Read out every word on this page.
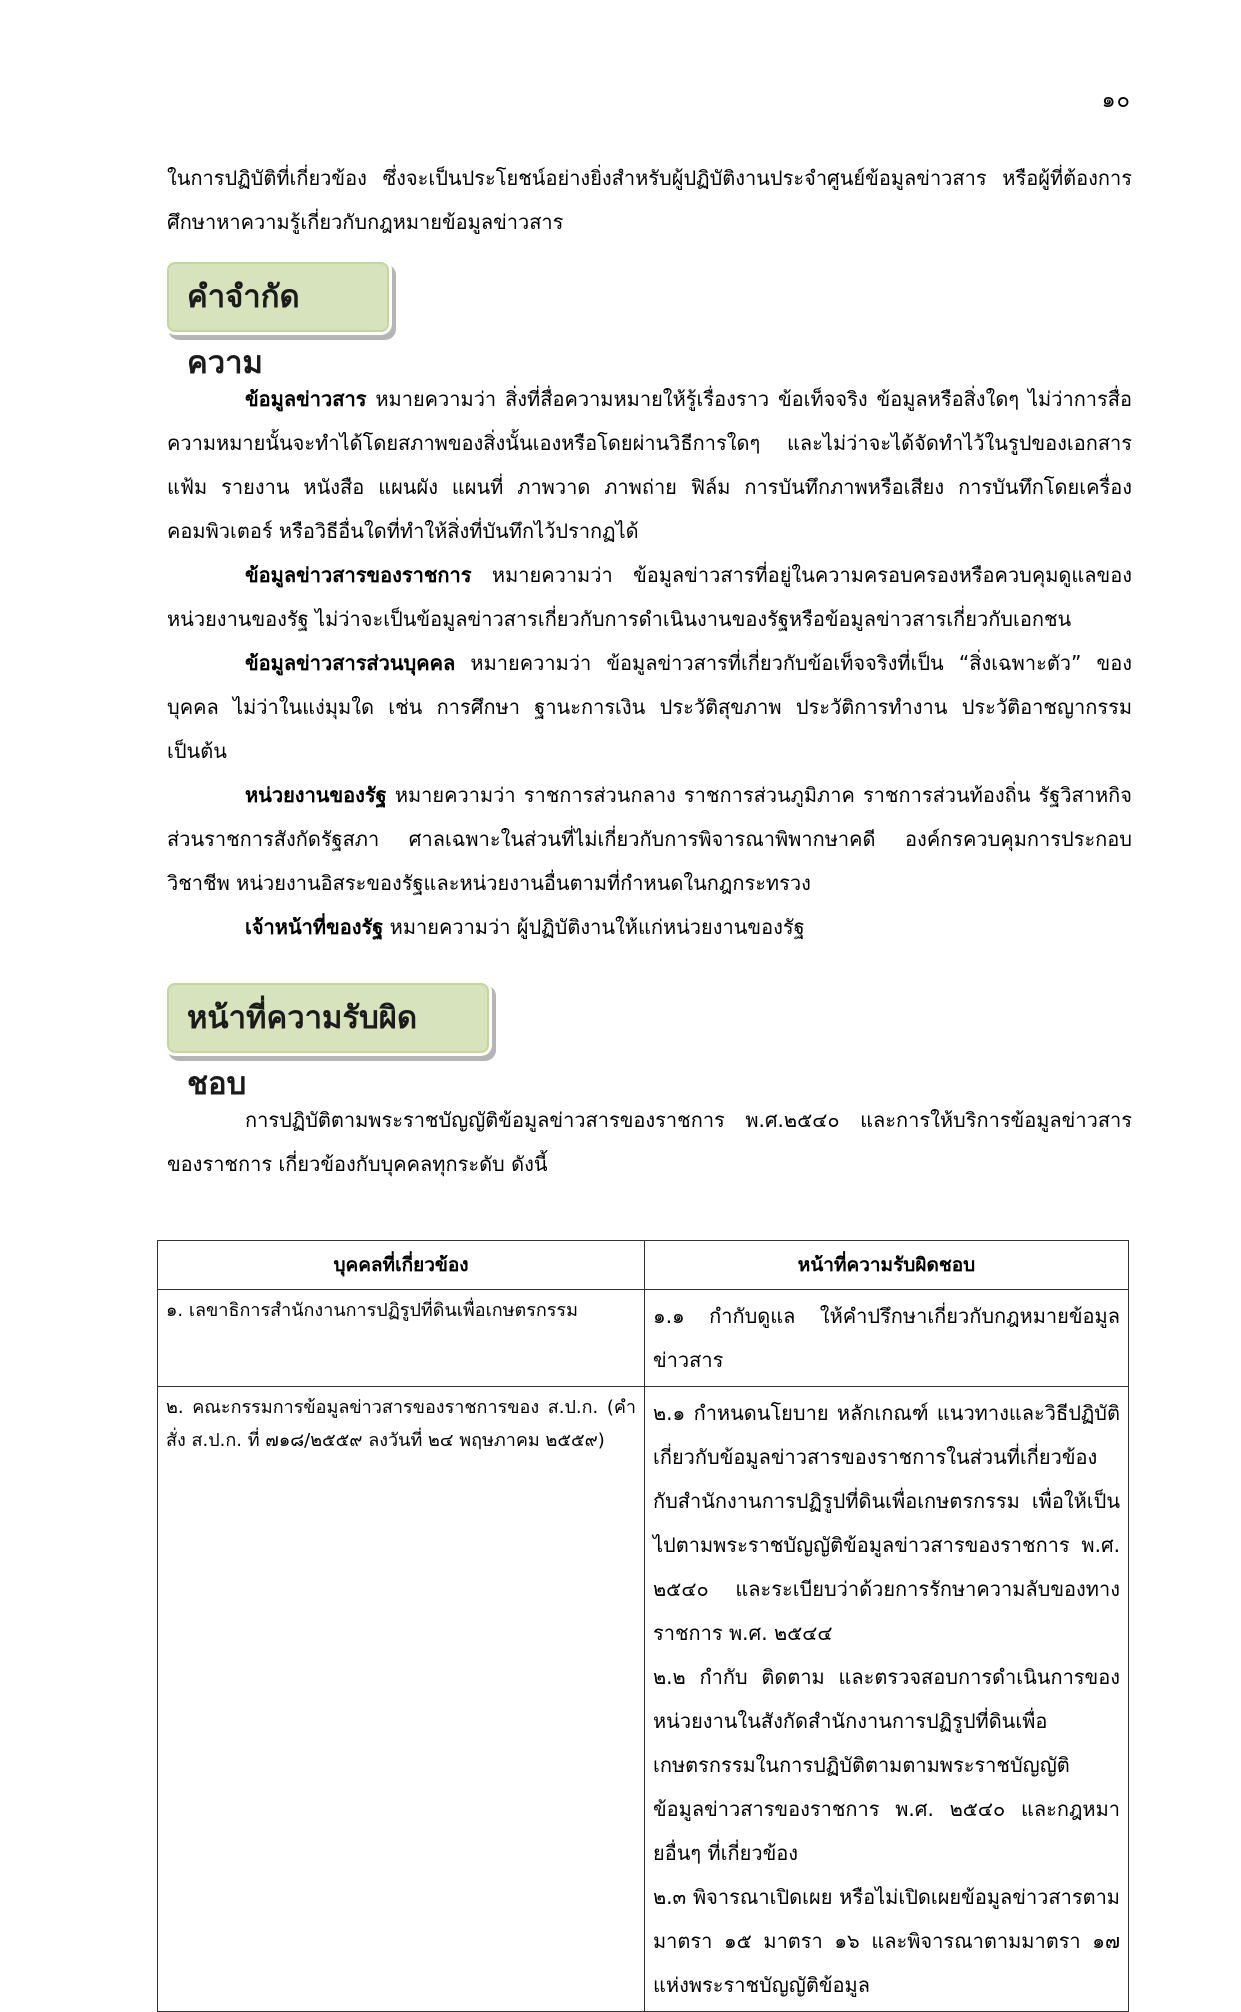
๑๐

ในการปฏิบัติที่เกี่ยวข้อง ซึ่งจะเป็นประโยชน์อย่างยิ่งสำหรับผู้ปฏิบัติงานประจำศูนย์ข้อมูลข่าวสาร หรือผู้ที่ต้องการศึกษาหาความรู้เกี่ยวกับกฎหมายข้อมูลข่าวสาร

คำจำกัดความ

ข้อมูลข่าวสาร หมายความว่า สิ่งที่สื่อความหมายให้รู้เรื่องราว ข้อเท็จจริง ข้อมูลหรือสิ่งใดๆ ไม่ว่าการสื่อความหมายนั้นจะทำได้โดยสภาพของสิ่งนั้นเองหรือโดยผ่านวิธีการใดๆ และไม่ว่าจะได้จัดทำไว้ในรูปของเอกสาร แฟ้ม รายงาน หนังสือ แผนผัง แผนที่ ภาพวาด ภาพถ่าย ฟิล์ม การบันทึกภาพหรือเสียง การบันทึกโดยเครื่องคอมพิวเตอร์ หรือวิธีอื่นใดที่ทำให้สิ่งที่บันทึกไว้ปรากฏได้

ข้อมูลข่าวสารของราชการ หมายความว่า ข้อมูลข่าวสารที่อยู่ในความครอบครองหรือควบคุมดูแลของหน่วยงานของรัฐ ไม่ว่าจะเป็นข้อมูลข่าวสารเกี่ยวกับการดำเนินงานของรัฐหรือข้อมูลข่าวสารเกี่ยวกับเอกชน

ข้อมูลข่าวสารส่วนบุคคล หมายความว่า ข้อมูลข่าวสารที่เกี่ยวกับข้อเท็จจริงที่เป็น “สิ่งเฉพาะตัว” ของบุคคล ไม่ว่าในแง่มุมใด เช่น การศึกษา ฐานะการเงิน ประวัติสุขภาพ ประวัติการทำงาน ประวัติอาชญากรรม เป็นต้น

หน่วยงานของรัฐ หมายความว่า ราชการส่วนกลาง ราชการส่วนภูมิภาค ราชการส่วนท้องถิ่น รัฐวิสาหกิจ ส่วนราชการสังกัดรัฐสภา ศาลเฉพาะในส่วนที่ไม่เกี่ยวกับการพิจารณาพิพากษาคดี องค์กรควบคุมการประกอบวิชาชีพ หน่วยงานอิสระของรัฐและหน่วยงานอื่นตามที่กำหนดในกฎกระทรวง

เจ้าหน้าที่ของรัฐ หมายความว่า ผู้ปฏิบัติงานให้แก่หน่วยงานของรัฐ

หน้าที่ความรับผิดชอบ

การปฏิบัติตามพระราชบัญญัติข้อมูลข่าวสารของราชการ พ.ศ.๒๕๔๐ และการให้บริการข้อมูลข่าวสารของราชการ เกี่ยวข้องกับบุคคลทุกระดับ ดังนี้

บุคคลที่เกี่ยวข้อง	หน้าที่ความรับผิดชอบ
๑. เลขาธิการสำนักงานการปฏิรูปที่ดินเพื่อเกษตรกรรม	๑.๑ กำกับดูแล ให้คำปรึกษาเกี่ยวกับกฎหมายข้อมูลข่าวสาร

๒. คณะกรรมการข้อมูลข่าวสารของราชการของ ส.ป.ก. (คำสั่ง ส.ป.ก. ที่ ๗๑๘/๒๕๕๙ ลงวันที่ ๒๔ พฤษภาคม ๒๕๕๙)	๒.๑ กำหนดนโยบาย หลักเกณฑ์ แนวทางและวิธีปฏิบัติเกี่ยวกับข้อมูลข่าวสารของราชการในส่วนที่เกี่ยวข้องกับสำนักงานการปฏิรูปที่ดินเพื่อเกษตรกรรม เพื่อให้เป็นไปตามพระราชบัญญัติข้อมูลข่าวสารของราชการ พ.ศ. ๒๕๔๐ และระเบียบว่าด้วยการรักษาความลับของทางราชการ พ.ศ. ๒๕๔๔

๒.๒ กำกับ ติดตาม และตรวจสอบการดำเนินการของหน่วยงานในสังกัดสำนักงานการปฏิรูปที่ดินเพื่อเกษตรกรรมในการปฏิบัติตามตามพระราชบัญญัติข้อมูลข่าวสารของราชการ พ.ศ. ๒๕๔๐ และกฎหมายอื่นๆ ที่เกี่ยวข้อง

๒.๓ พิจารณาเปิดเผย หรือไม่เปิดเผยข้อมูลข่าวสารตามมาตรา ๑๕ มาตรา ๑๖ และพิจารณาตามมาตรา ๑๗ แห่งพระราชบัญญัติข้อมูล
